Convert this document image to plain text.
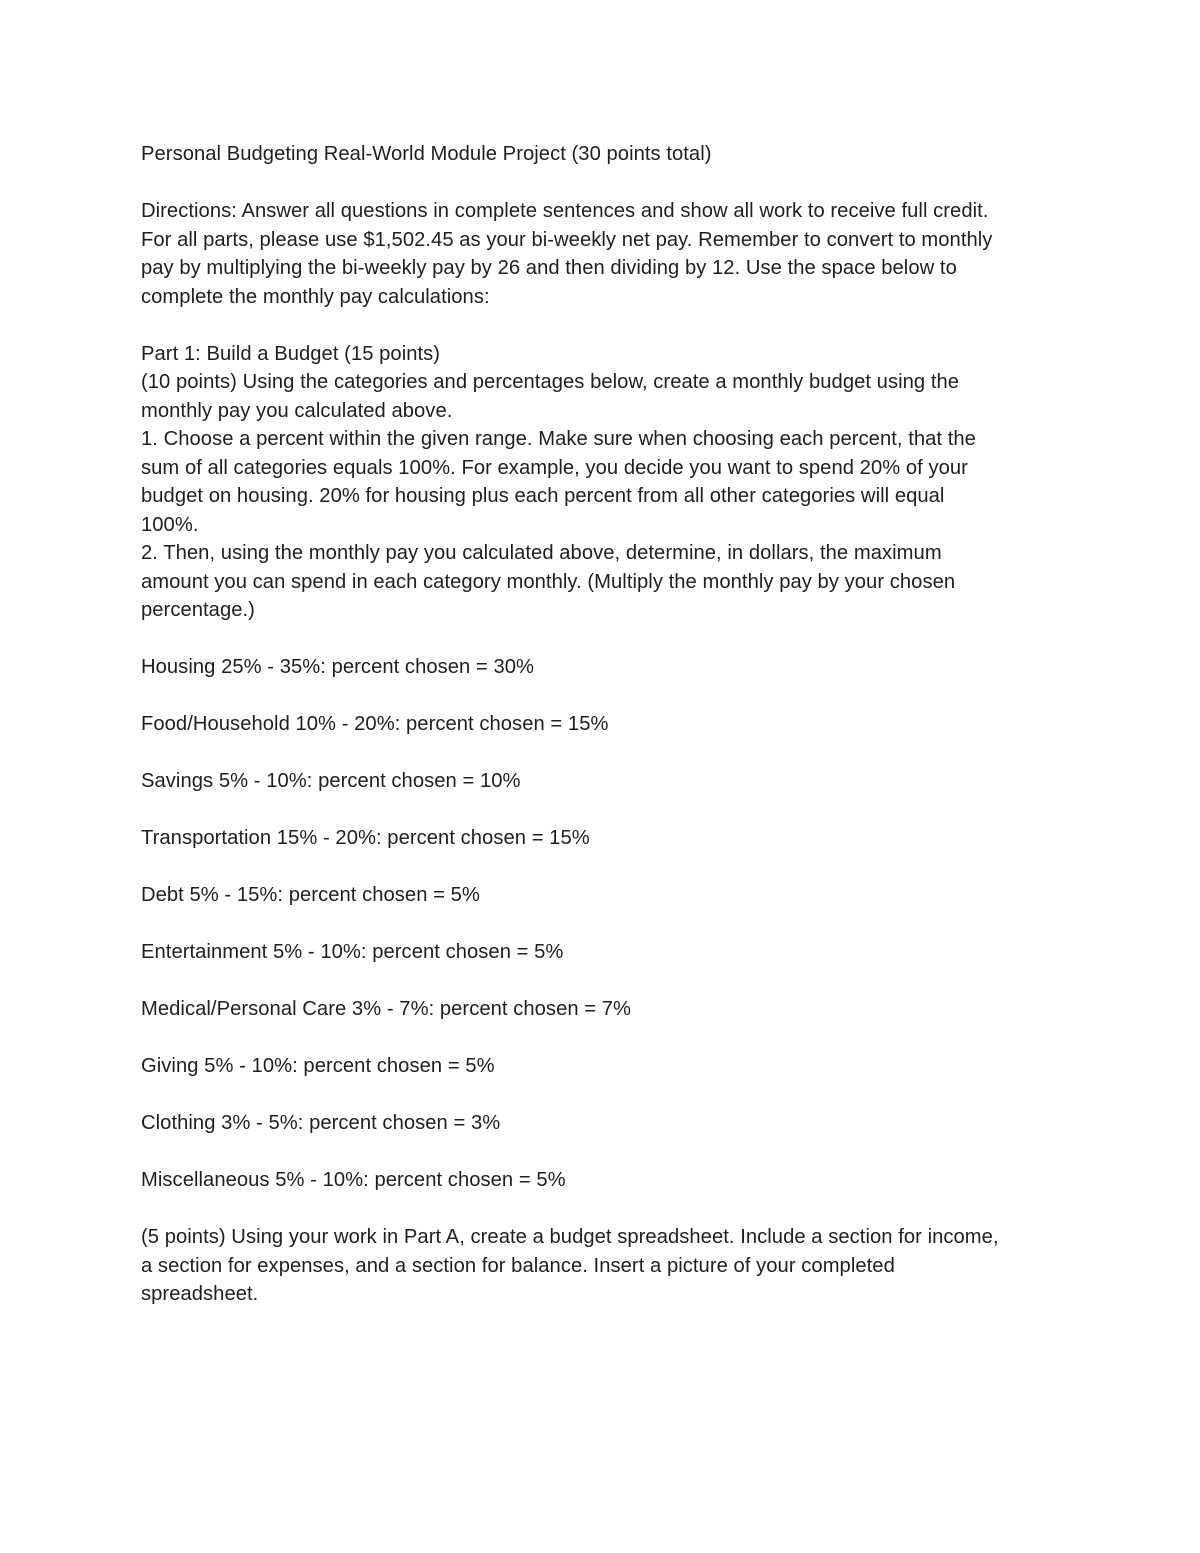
Personal Budgeting Real-World Module Project (30 points total)

Directions: Answer all questions in complete sentences and show all work to receive full credit.

For all parts, please use $1,502.45 as your bi-weekly net pay. Remember to convert to monthly

pay by multiplying the bi-weekly pay by 26 and then dividing by 12. Use the space below to

complete the monthly pay calculations:

Part 1: Build a Budget (15 points)

(10 points) Using the categories and percentages below, create a monthly budget using the

monthly pay you calculated above.

1. Choose a percent within the given range. Make sure when choosing each percent, that the

sum of all categories equals 100%. For example, you decide you want to spend 20% of your

budget on housing. 20% for housing plus each percent from all other categories will equal

100%.

2. Then, using the monthly pay you calculated above, determine, in dollars, the maximum

amount you can spend in each category monthly. (Multiply the monthly pay by your chosen

percentage.)

Housing 25% - 35%: percent chosen = 30%

Food/Household 10% - 20%: percent chosen = 15%

Savings 5% - 10%: percent chosen = 10%

Transportation 15% - 20%: percent chosen = 15%

Debt 5% - 15%: percent chosen = 5%

Entertainment 5% - 10%: percent chosen = 5%

Medical/Personal Care 3% - 7%: percent chosen = 7%

Giving 5% - 10%: percent chosen = 5%

Clothing 3% - 5%: percent chosen = 3%

Miscellaneous 5% - 10%: percent chosen = 5%

(5 points) Using your work in Part A, create a budget spreadsheet. Include a section for income,

a section for expenses, and a section for balance. Insert a picture of your completed

spreadsheet.
